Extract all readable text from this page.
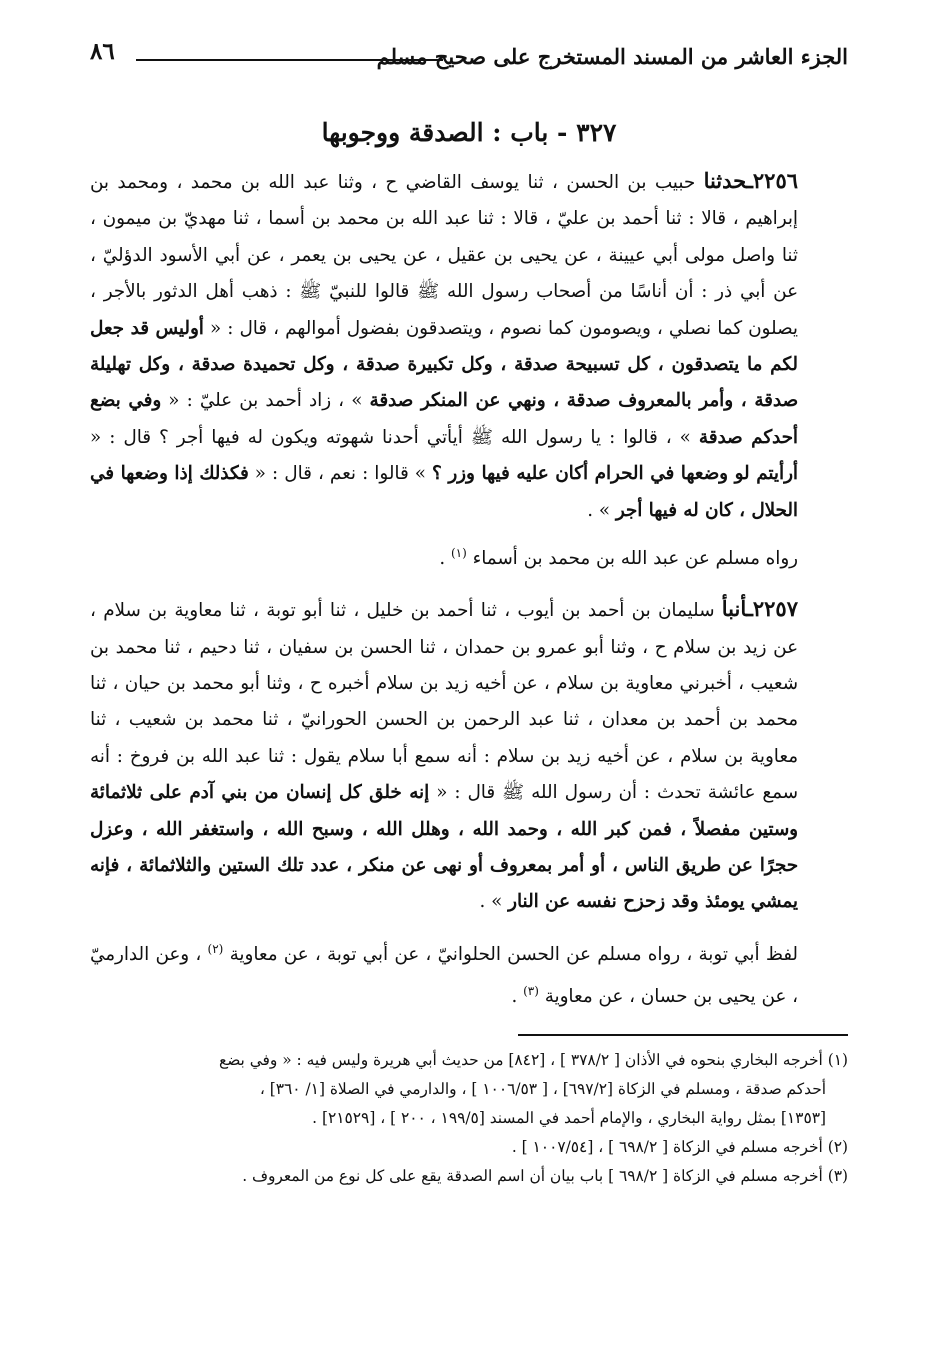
الجزء العاشر من المسند المستخرج على صحيح مسلم
٨٦
٣٢٧ - باب : الصدقة ووجوبها

٢٢٥٦ـحدثنا حبيب بن الحسن ، ثنا يوسف القاضي ح ، وثنا عبد الله بن محمد ، ومحمد بن إبراهيم ، قالا : ثنا أحمد بن عليّ ، قالا : ثنا عبد الله بن محمد بن أسما ، ثنا مهديّ بن ميمون ، ثنا واصل مولى أبي عيينة ، عن يحيى بن عقيل ، عن يحيى بن يعمر ، عن أبي الأسود الدؤليّ ، عن أبي ذر : أن أناسًا من أصحاب رسول الله ﷺ قالوا للنبيّ ﷺ : ذهب أهل الدثور بالأجر ، يصلون كما نصلي ، ويصومون كما نصوم ، ويتصدقون بفضول أموالهم ، قال : « أوليس قد جعل لكم ما يتصدقون ، كل تسبيحة صدقة ، وكل تكبيرة صدقة ، وكل تحميدة صدقة ، وكل تهليلة صدقة ، وأمر بالمعروف صدقة ، ونهي عن المنكر صدقة » ، زاد أحمد بن عليّ : « وفي بضع أحدكم صدقة » ، قالوا : يا رسول الله ﷺ أيأتي أحدنا شهوته ويكون له فيها أجر ؟ قال : « أرأيتم لو وضعها في الحرام أكان عليه فيها وزر ؟ » قالوا : نعم ، قال : « فكذلك إذا وضعها في الحلال ، كان له فيها أجر » .

رواه مسلم عن عبد الله بن محمد بن أسماء $^{(١)}$ .

٢٢٥٧ـأنبأ سليمان بن أحمد بن أيوب ، ثنا أحمد بن خليل ، ثنا أبو توبة ، ثنا معاوية بن سلام ، عن زيد بن سلام ح ، وثنا أبو عمرو بن حمدان ، ثنا الحسن بن سفيان ، ثنا دحيم ، ثنا محمد بن شعيب ، أخبرني معاوية بن سلام ، عن أخيه زيد بن سلام أخبره ح ، وثنا أبو محمد بن حيان ، ثنا محمد بن أحمد بن معدان ، ثنا عبد الرحمن بن الحسن الحورانيّ ، ثنا محمد بن شعيب ، ثنا معاوية بن سلام ، عن أخيه زيد بن سلام : أنه سمع أبا سلام يقول : ثنا عبد الله بن فروخ : أنه سمع عائشة تحدث : أن رسول الله ﷺ قال : « إنه خلق كل إنسان من بني آدم على ثلاثمائة وستين مفصلاً ، فمن كبر الله ، وحمد الله ، وهلل الله ، وسبح الله ، واستغفر الله ، وعزل حجرًا عن طريق الناس ، أو أمر بمعروف أو نهى عن منكر ، عدد تلك الستين والثلاثمائة ، فإنه يمشي يومئذ وقد زحزح نفسه عن النار » .

لفظ أبي توبة ، رواه مسلم عن الحسن الحلوانيّ ، عن أبي توبة ، عن معاوية $^{(٢)}$ ، وعن الدارميّ ، عن يحيى بن حسان ، عن معاوية $^{(٣)}$ .

(١) أخرجه البخاري بنحوه في الأذان [ ٣٧٨/٢ ] ، [٨٤٢] من حديث أبي هريرة وليس فيه : « وفي بضع

أحدكم صدقة ، ومسلم في الزكاة [٦٩٧/٢] ، [ ١٠٠٦/٥٣ ] ، والدارمي في الصلاة [١/ ٣٦٠] ،

[١٣٥٣] بمثل رواية البخاري ، والإمام أحمد في المسند [١٩٩/٥ ، ٢٠٠ ] ، [٢١٥٢٩] .

(٢) أخرجه مسلم في الزكاة [ ٦٩٨/٢ ] ، [١٠٠٧/٥٤ ] .

(٣) أخرجه مسلم في الزكاة [ ٦٩٨/٢ ] باب بيان أن اسم الصدقة يقع على كل نوع من المعروف .
